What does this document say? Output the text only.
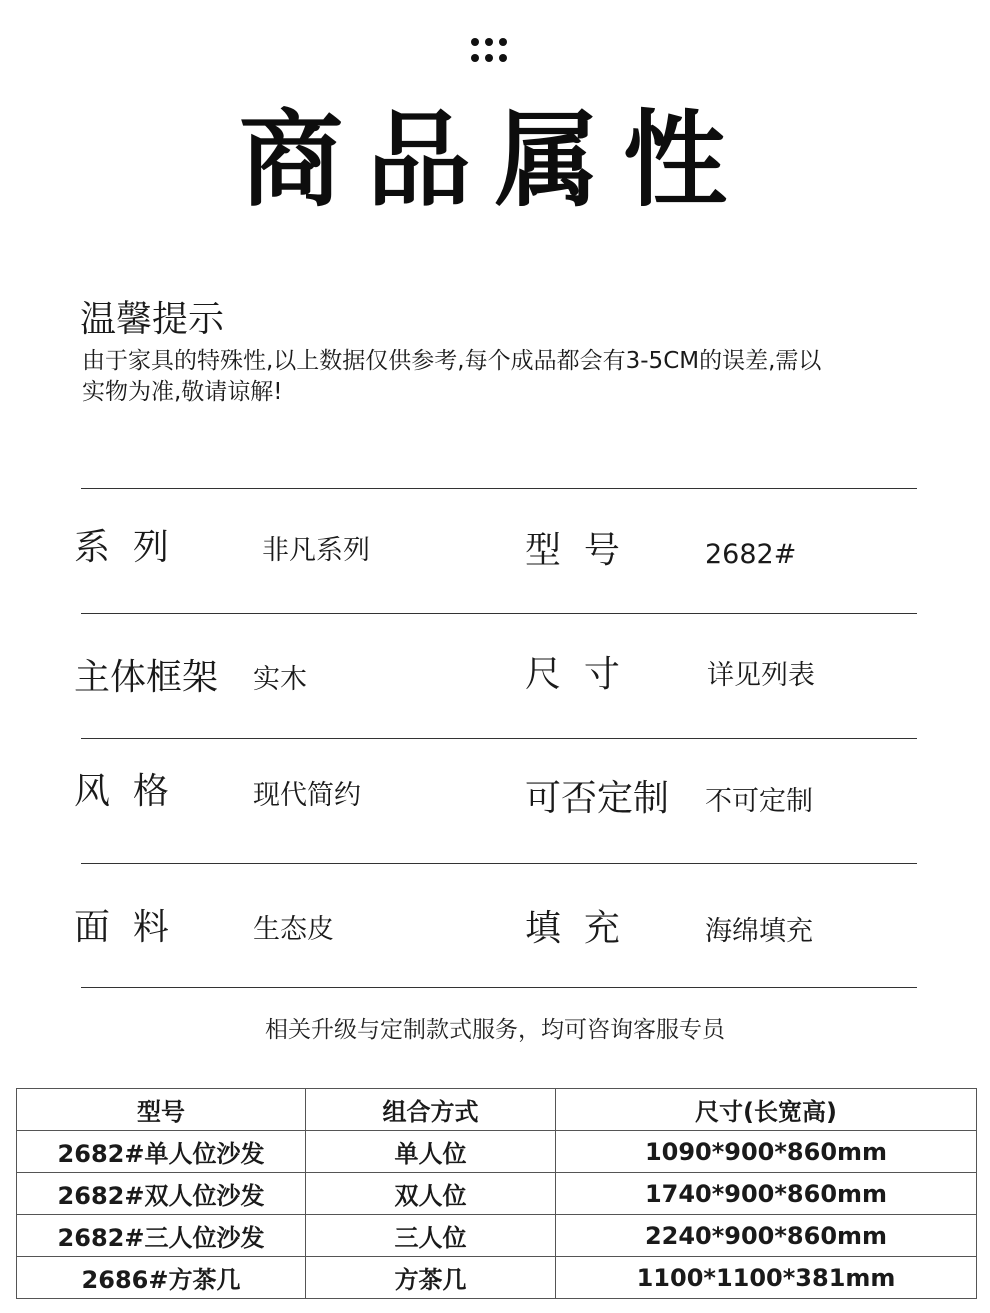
商品属性
温馨提示
由于家具的特殊性,以上数据仅供参考,每个成品都会有3-5CM的误差,需以
实物为准,敬请谅解!
系  列	非凡系列	型  号	2682#
主体框架 实木	尺  寸	详见列表
风  格	现代简约	可否定制 不可定制
面  料	生态皮	填  充	海绵填充
相关升级与定制款式服务，均可咨询客服专员
型号	组合方式	尺寸(长宽高)
2682#单人位沙发	单人位	1090*900*860mm
2682#双人位沙发	双人位	1740*900*860mm
2682#三人位沙发	三人位	2240*900*860mm
2686#方茶几	方茶几	1100*1100*381mm
